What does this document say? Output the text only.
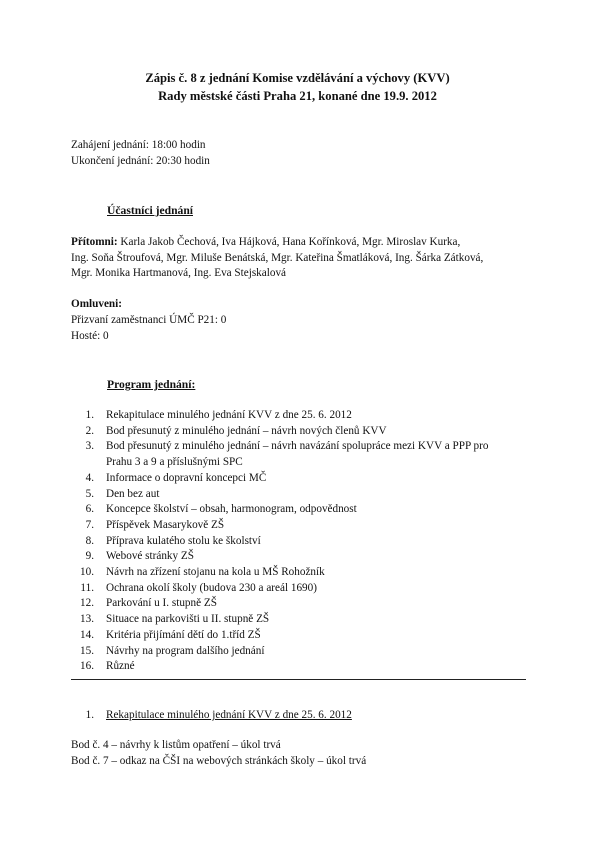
Zápis č. 8 z jednání Komise vzdělávání a výchovy (KVV)
Rady městské části Praha 21, konané dne 19.9. 2012
Zahájení jednání: 18:00 hodin
Ukončení jednání: 20:30 hodin
Účastníci jednání
Přítomni: Karla Jakob Čechová, Iva Hájková, Hana Kořínková, Mgr. Miroslav Kurka,
Ing. Soňa Štroufová, Mgr. Miluše Benátská, Mgr. Kateřina Šmatláková, Ing. Šárka Zátková,
Mgr. Monika Hartmanová, Ing. Eva Stejskalová
Omluveni:
Přizvaní zaměstnanci ÚMČ P21: 0
Hosté: 0
Program jednání:
1. Rekapitulace minulého jednání KVV z dne 25. 6. 2012
2. Bod přesunutý z minulého jednání – návrh nových členů KVV
3. Bod přesunutý z minulého jednání – návrh navázání spolupráce mezi KVV a PPP pro
Prahu 3 a 9 a příslušnými SPC
4. Informace o dopravní koncepci MČ
5. Den bez aut
6. Koncepce školství – obsah, harmonogram, odpovědnost
7. Příspěvek Masarykově ZŠ
8. Příprava kulatého stolu ke školství
9. Webové stránky ZŠ
10. Návrh na zřízení stojanu na kola u MŠ Rohožník
11. Ochrana okolí školy (budova 230 a areál 1690)
12. Parkování u I. stupně ZŠ
13. Situace na parkovišti u II. stupně ZŠ
14. Kritéria přijímání dětí do 1.tříd ZŠ
15. Návrhy na program dalšího jednání
16. Různé
1. Rekapitulace minulého jednání KVV z dne 25. 6. 2012
Bod č. 4 – návrhy k listům opatření – úkol trvá
Bod č. 7 – odkaz na ČŠI na webových stránkách školy – úkol trvá
